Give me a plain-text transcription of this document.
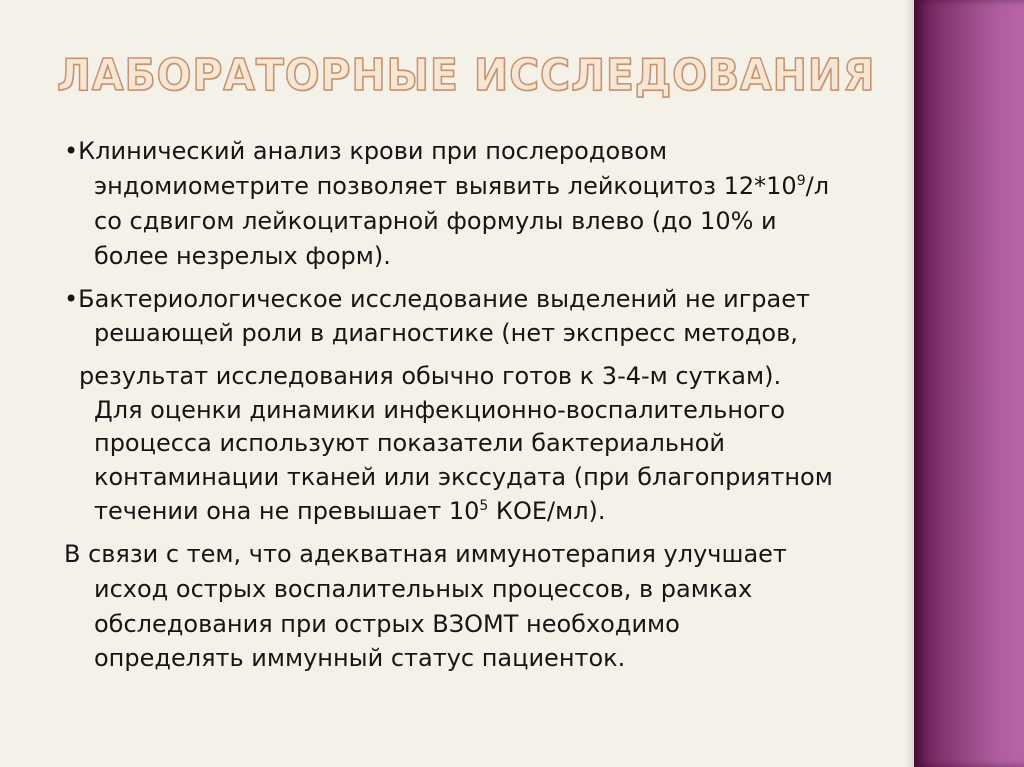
ЛАБОРАТОРНЫЕ ИССЛЕДОВАНИЯ
•Клинический анализ крови при послеродовом
эндомиометрите позволяет выявить лейкоцитоз $12*10^9/л$
со сдвигом лейкоцитарной формулы влево (до 10% и
более незрелых форм).
•Бактериологическое исследование выделений не играет
решающей роли в диагностике (нет экспресс методов,
результат исследования обычно готов к 3-4-м суткам).
Для оценки динамики инфекционно-воспалительного
процесса используют показатели бактериальной
контаминации тканей или экссудата (при благоприятном
течении она не превышает $10^5$ КОЕ/мл).
В связи с тем, что адекватная иммунотерапия улучшает
исход острых воспалительных процессов, в рамках
обследования при острых ВЗОМТ необходимо
определять иммунный статус пациенток.
